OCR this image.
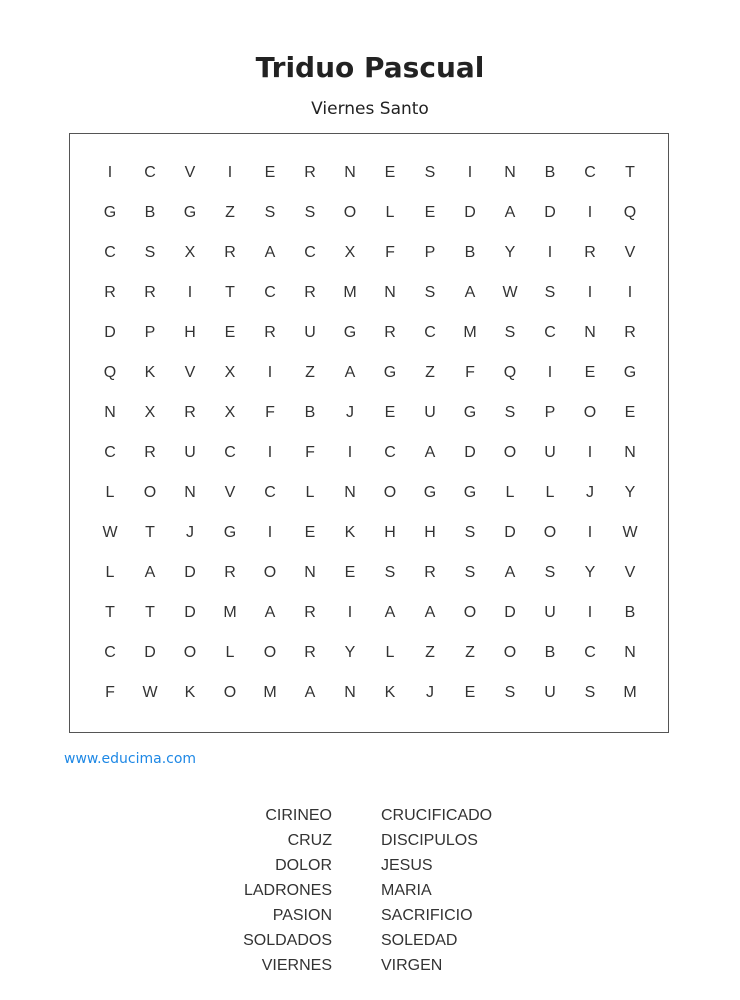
Triduo Pascual
Viernes Santo
I	C	V	I	E	R	N	E	S	I	N	B	C	T
G	B	G	Z	S	S	O	L	E	D	A	D	I	Q
C	S	X	R	A	C	X	F	P	B	Y	I	R	V
R	R	I	T	C	R	M	N	S	A	W	S	I	I
D	P	H	E	R	U	G	R	C	M	S	C	N	R
Q	K	V	X	I	Z	A	G	Z	F	Q	I	E	G
N	X	R	X	F	B	J	E	U	G	S	P	O	E
C	R	U	C	I	F	I	C	A	D	O	U	I	N
L	O	N	V	C	L	N	O	G	G	L	L	J	Y
W	T	J	G	I	E	K	H	H	S	D	O	I	W
L	A	D	R	O	N	E	S	R	S	A	S	Y	V
T	T	D	M	A	R	I	A	A	O	D	U	I	B
C	D	O	L	O	R	Y	L	Z	Z	O	B	C	N
F	W	K	O	M	A	N	K	J	E	S	U	S	M
www.educima.com
CIRINEO
CRUZ
DOLOR
LADRONES
PASION
SOLDADOS
VIERNES
CRUCIFICADO
DISCIPULOS
JESUS
MARIA
SACRIFICIO
SOLEDAD
VIRGEN
